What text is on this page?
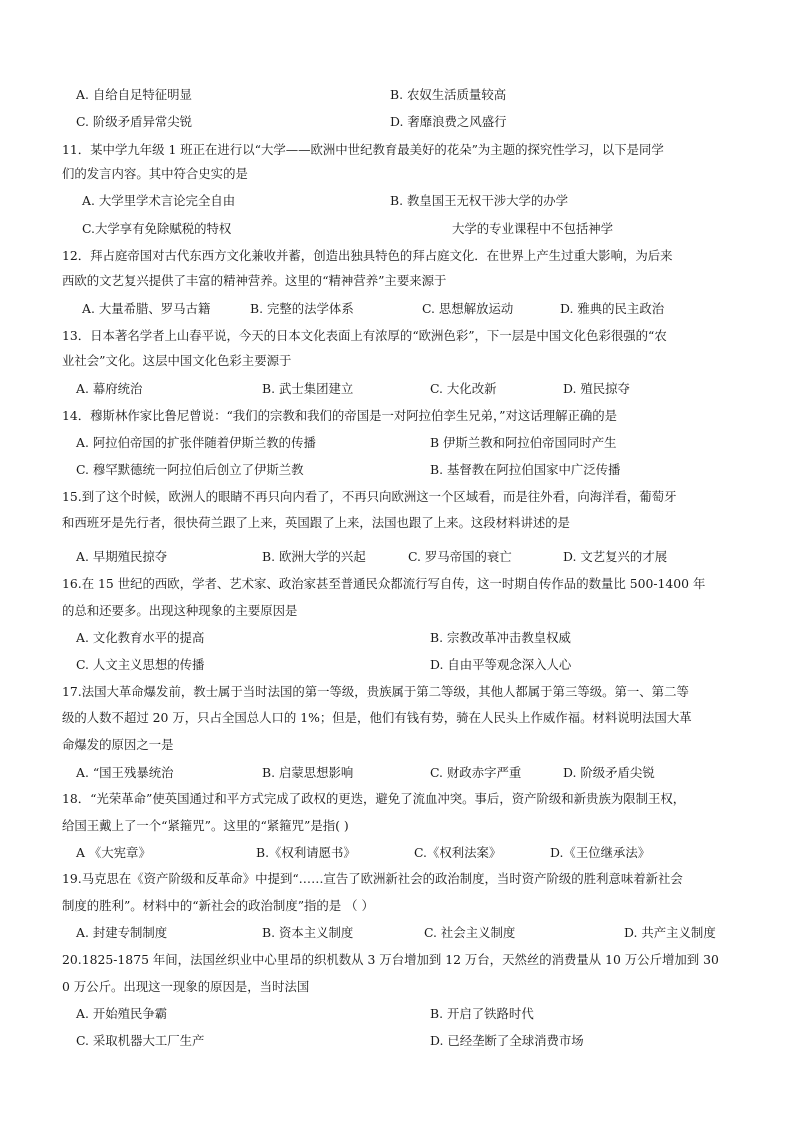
A. 自给自足特征明显	B. 农奴生活质量较高
C. 阶级矛盾异常尖锐	D. 奢靡浪费之风盛行
11．某中学九年级 1 班正在进行以“大学——欧洲中世纪教育最美好的花朵”为主题的探究性学习，以下是同学
们的发言内容。其中符合史实的是
A. 大学里学术言论完全自由	B. 教皇国王无权干涉大学的办学
C.大学享有免除赋税的特权	大学的专业课程中不包括神学
12．拜占庭帝国对古代东西方文化兼收并蓄，创造出独具特色的拜占庭文化．在世界上产生过重大影响，为后来
西欧的文艺复兴提供了丰富的精神营养。这里的“精神营养”主要来源于
A. 大量希腊、罗马古籍	B. 完整的法学体系	C. 思想解放运动	D. 雅典的民主政治
13．日本著名学者上山春平说，今天的日本文化表面上有浓厚的“欧洲色彩”，下一层是中国文化色彩很强的“农
业社会”文化。这层中国文化色彩主要源于
A. 幕府统治	B. 武士集团建立	C. 大化改新	D. 殖民掠夺
14．穆斯林作家比鲁尼曾说：“我们的宗教和我们的帝国是一对阿拉伯孪生兄弟，”对这话理解正确的是
A. 阿拉伯帝国的扩张伴随着伊斯兰教的传播	B 伊斯兰教和阿拉伯帝国同时产生
C. 穆罕默德统一阿拉伯后创立了伊斯兰教	B. 基督教在阿拉伯国家中广泛传播
15.到了这个时候，欧洲人的眼睛不再只向内看了，不再只向欧洲这一个区域看，而是往外看，向海洋看，葡萄牙
和西班牙是先行者，很快荷兰跟了上来，英国跟了上来，法国也跟了上来。这段材料讲述的是
A. 早期殖民掠夺	B. 欧洲大学的兴起	C. 罗马帝国的衰亡	D. 文艺复兴的才展
16.在 15 世纪的西欧，学者、艺术家、政治家甚至普通民众都流行写自传，这一时期自传作品的数量比 500-1400 年
的总和还要多。出现这种现象的主要原因是
A. 文化教育水平的提高	B. 宗教改革冲击教皇权威
C. 人文主义思想的传播	D. 自由平等观念深入人心
17.法国大革命爆发前，教士属于当时法国的第一等级，贵族属于第二等级，其他人都属于第三等级。第一、第二等
级的人数不超过 20 万，只占全国总人口的 1%；但是，他们有钱有势，骑在人民头上作威作福。材料说明法国大革
命爆发的原因之一是
A. “国王残暴统治	B. 启蒙思想影响	C. 财政赤字严重	D. 阶级矛盾尖锐
18．“光荣革命”使英国通过和平方式完成了政权的更迭，避免了流血冲突。事后，资产阶级和新贵族为限制王权，
给国王戴上了一个“紧箍咒”。这里的“紧箍咒”是指( )
A 《大宪章》	B.《权利请愿书》	C.《权利法案》	D.《王位继承法》
19.马克思在《资产阶级和反革命》中提到“……宣告了欧洲新社会的政治制度，当时资产阶级的胜利意味着新社会
制度的胜利”。材料中的“新社会的政治制度”指的是 （ ）
A. 封建专制制度	B. 资本主义制度	C. 社会主义制度	D. 共产主义制度
20.1825-1875 年间，法国丝织业中心里昂的织机数从 3 万台增加到 12 万台，天然丝的消费量从 10 万公斤增加到 30
0 万公斤。出现这一现象的原因是，当时法国
A. 开始殖民争霸	B. 开启了铁路时代
C. 采取机器大工厂生产	D. 已经垄断了全球消费市场
